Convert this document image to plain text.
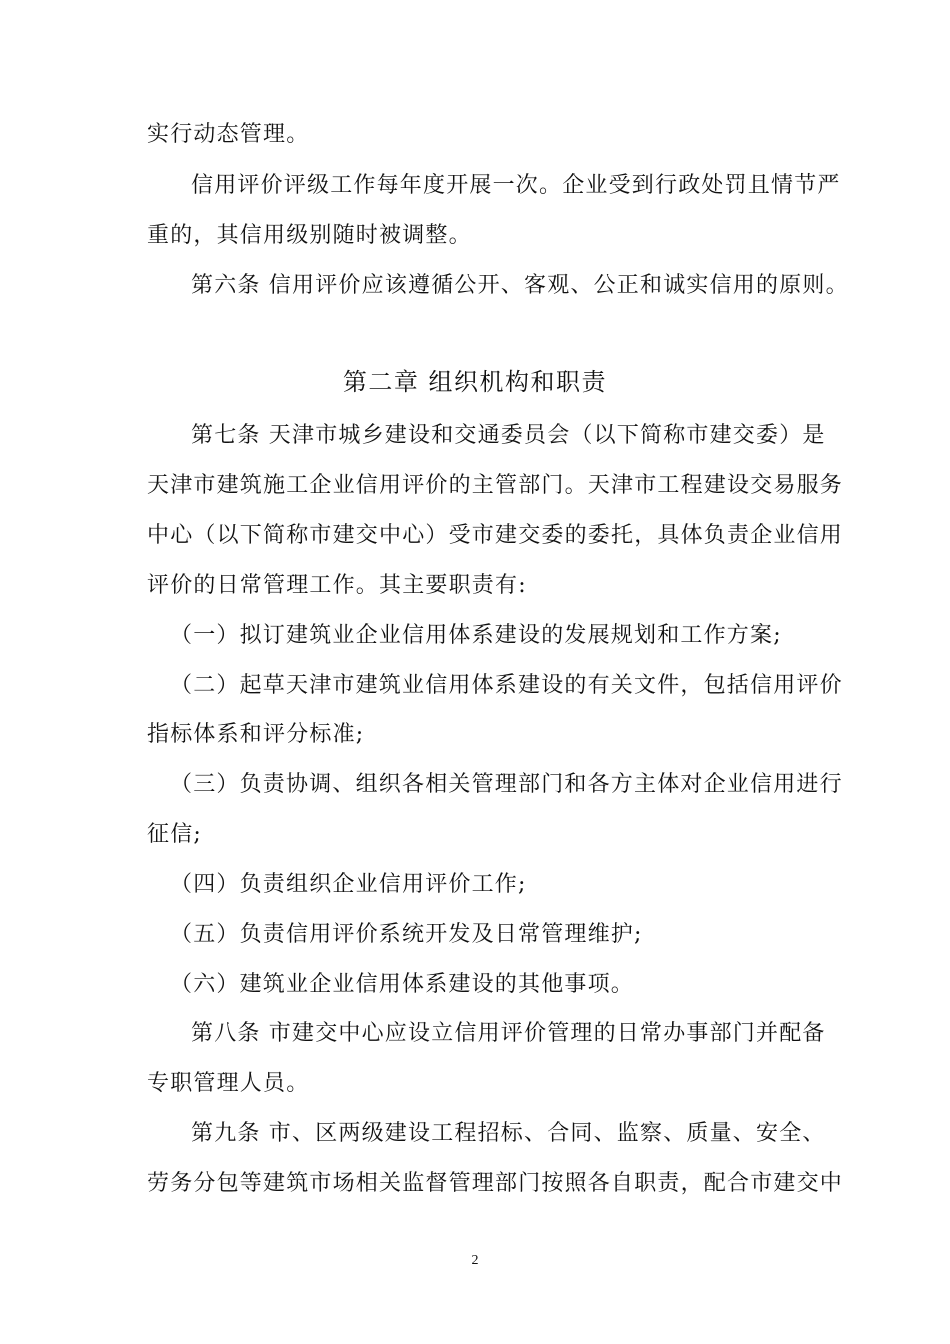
实行动态管理。
信用评价评级工作每年度开展一次。企业受到行政处罚且情节严
重的，其信用级别随时被调整。
第六条 信用评价应该遵循公开、客观、公正和诚实信用的原则。
第二章 组织机构和职责
第七条 天津市城乡建设和交通委员会（以下简称市建交委）是
天津市建筑施工企业信用评价的主管部门。天津市工程建设交易服务
中心（以下简称市建交中心）受市建交委的委托，具体负责企业信用
评价的日常管理工作。其主要职责有:
（一）拟订建筑业企业信用体系建设的发展规划和工作方案;
（二）起草天津市建筑业信用体系建设的有关文件，包括信用评价
指标体系和评分标准;
（三）负责协调、组织各相关管理部门和各方主体对企业信用进行
征信;
（四）负责组织企业信用评价工作;
（五）负责信用评价系统开发及日常管理维护;
（六）建筑业企业信用体系建设的其他事项。
第八条 市建交中心应设立信用评价管理的日常办事部门并配备
专职管理人员。
第九条 市、区两级建设工程招标、合同、监察、质量、安全、
劳务分包等建筑市场相关监督管理部门按照各自职责，配合市建交中
2
